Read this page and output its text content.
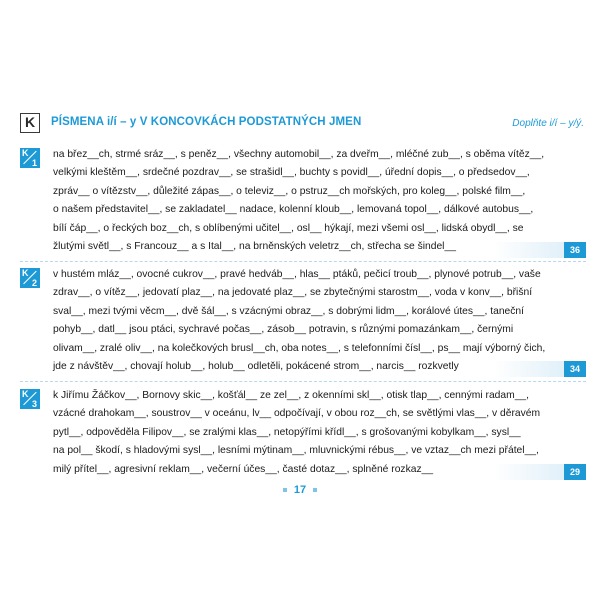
K	PÍSMENA i/í – y V KONCOVKÁCH PODSTATNÝCH JMEN	Doplňte i/í – y/ý.
K
1
na břez__ch, strmé sráz__, s peněz__, všechny automobil__, za dveřm__, mléčné zub__, s oběma vítěz__,
velkými kleštěm__, srdečné pozdrav__, se strašidl__, buchty s povidl__, úřední dopis__, o předsedov__,
zpráv__ o vítězstv__, důležité zápas__, o televiz__, o pstruz__ch mořských, pro koleg__, polské film__,
o našem představitel__, se zakladatel__ nadace, kolenní kloub__, lemovaná topol__, dálkové autobus__,
bílí čáp__, o řeckých boz__ch, s oblíbenými učitel__, osl__ hýkají, mezi všemi osl__, lidská obydl__, se
žlutými světl__, s Francouz__ a s Ital__, na brněnských veletrz__ch, střecha se šindel__	36
K
2
v hustém mláz__, ovocné cukrov__, pravé hedváb__, hlas__ ptáků, pečicí troub__, plynové potrub__, vaše
zdrav__, o vítěz__, jedovatí plaz__, na jedovaté plaz__, se zbytečnými starostm__, voda v konv__, břišní
sval__, mezi tvými věcm__, dvě šál__, s vzácnými obraz__, s dobrými lidm__, korálové útes__, taneční
pohyb__, datl__ jsou ptáci, sychravé počas__, zásob__ potravin, s různými pomazánkam__, černými
olivam__, zralé oliv__, na kolečkových brusl__ch, oba notes__, s telefonními čísl__, ps__ mají výborný čich,
jde z návštěv__, chovají holub__, holub__ odletěli, pokácené strom__, narcis__ rozkvetly	34
K
3
k Jiřímu Žáčkov__, Bornovy skic__, košťál__ ze zel__, z okenními skl__, otisk tlap__, cennými radam__,
vzácné drahokam__, soustrov__ v oceánu, lv__ odpočívají, v obou roz__ch, se světlými vlas__, v děravém
pytl__, odpověděla Filipov__, se zralými klas__, netopýřími křídl__, s grošovanými kobylkam__, sysl__
na pol__ škodí, s hladovými sysl__, lesními mýtinam__, mluvnickými rébus__, ve vztaz__ch mezi přátel__,
milý přítel__, agresivní reklam__, večerní účes__, časté dotaz__, splněné rozkaz__	29
17
